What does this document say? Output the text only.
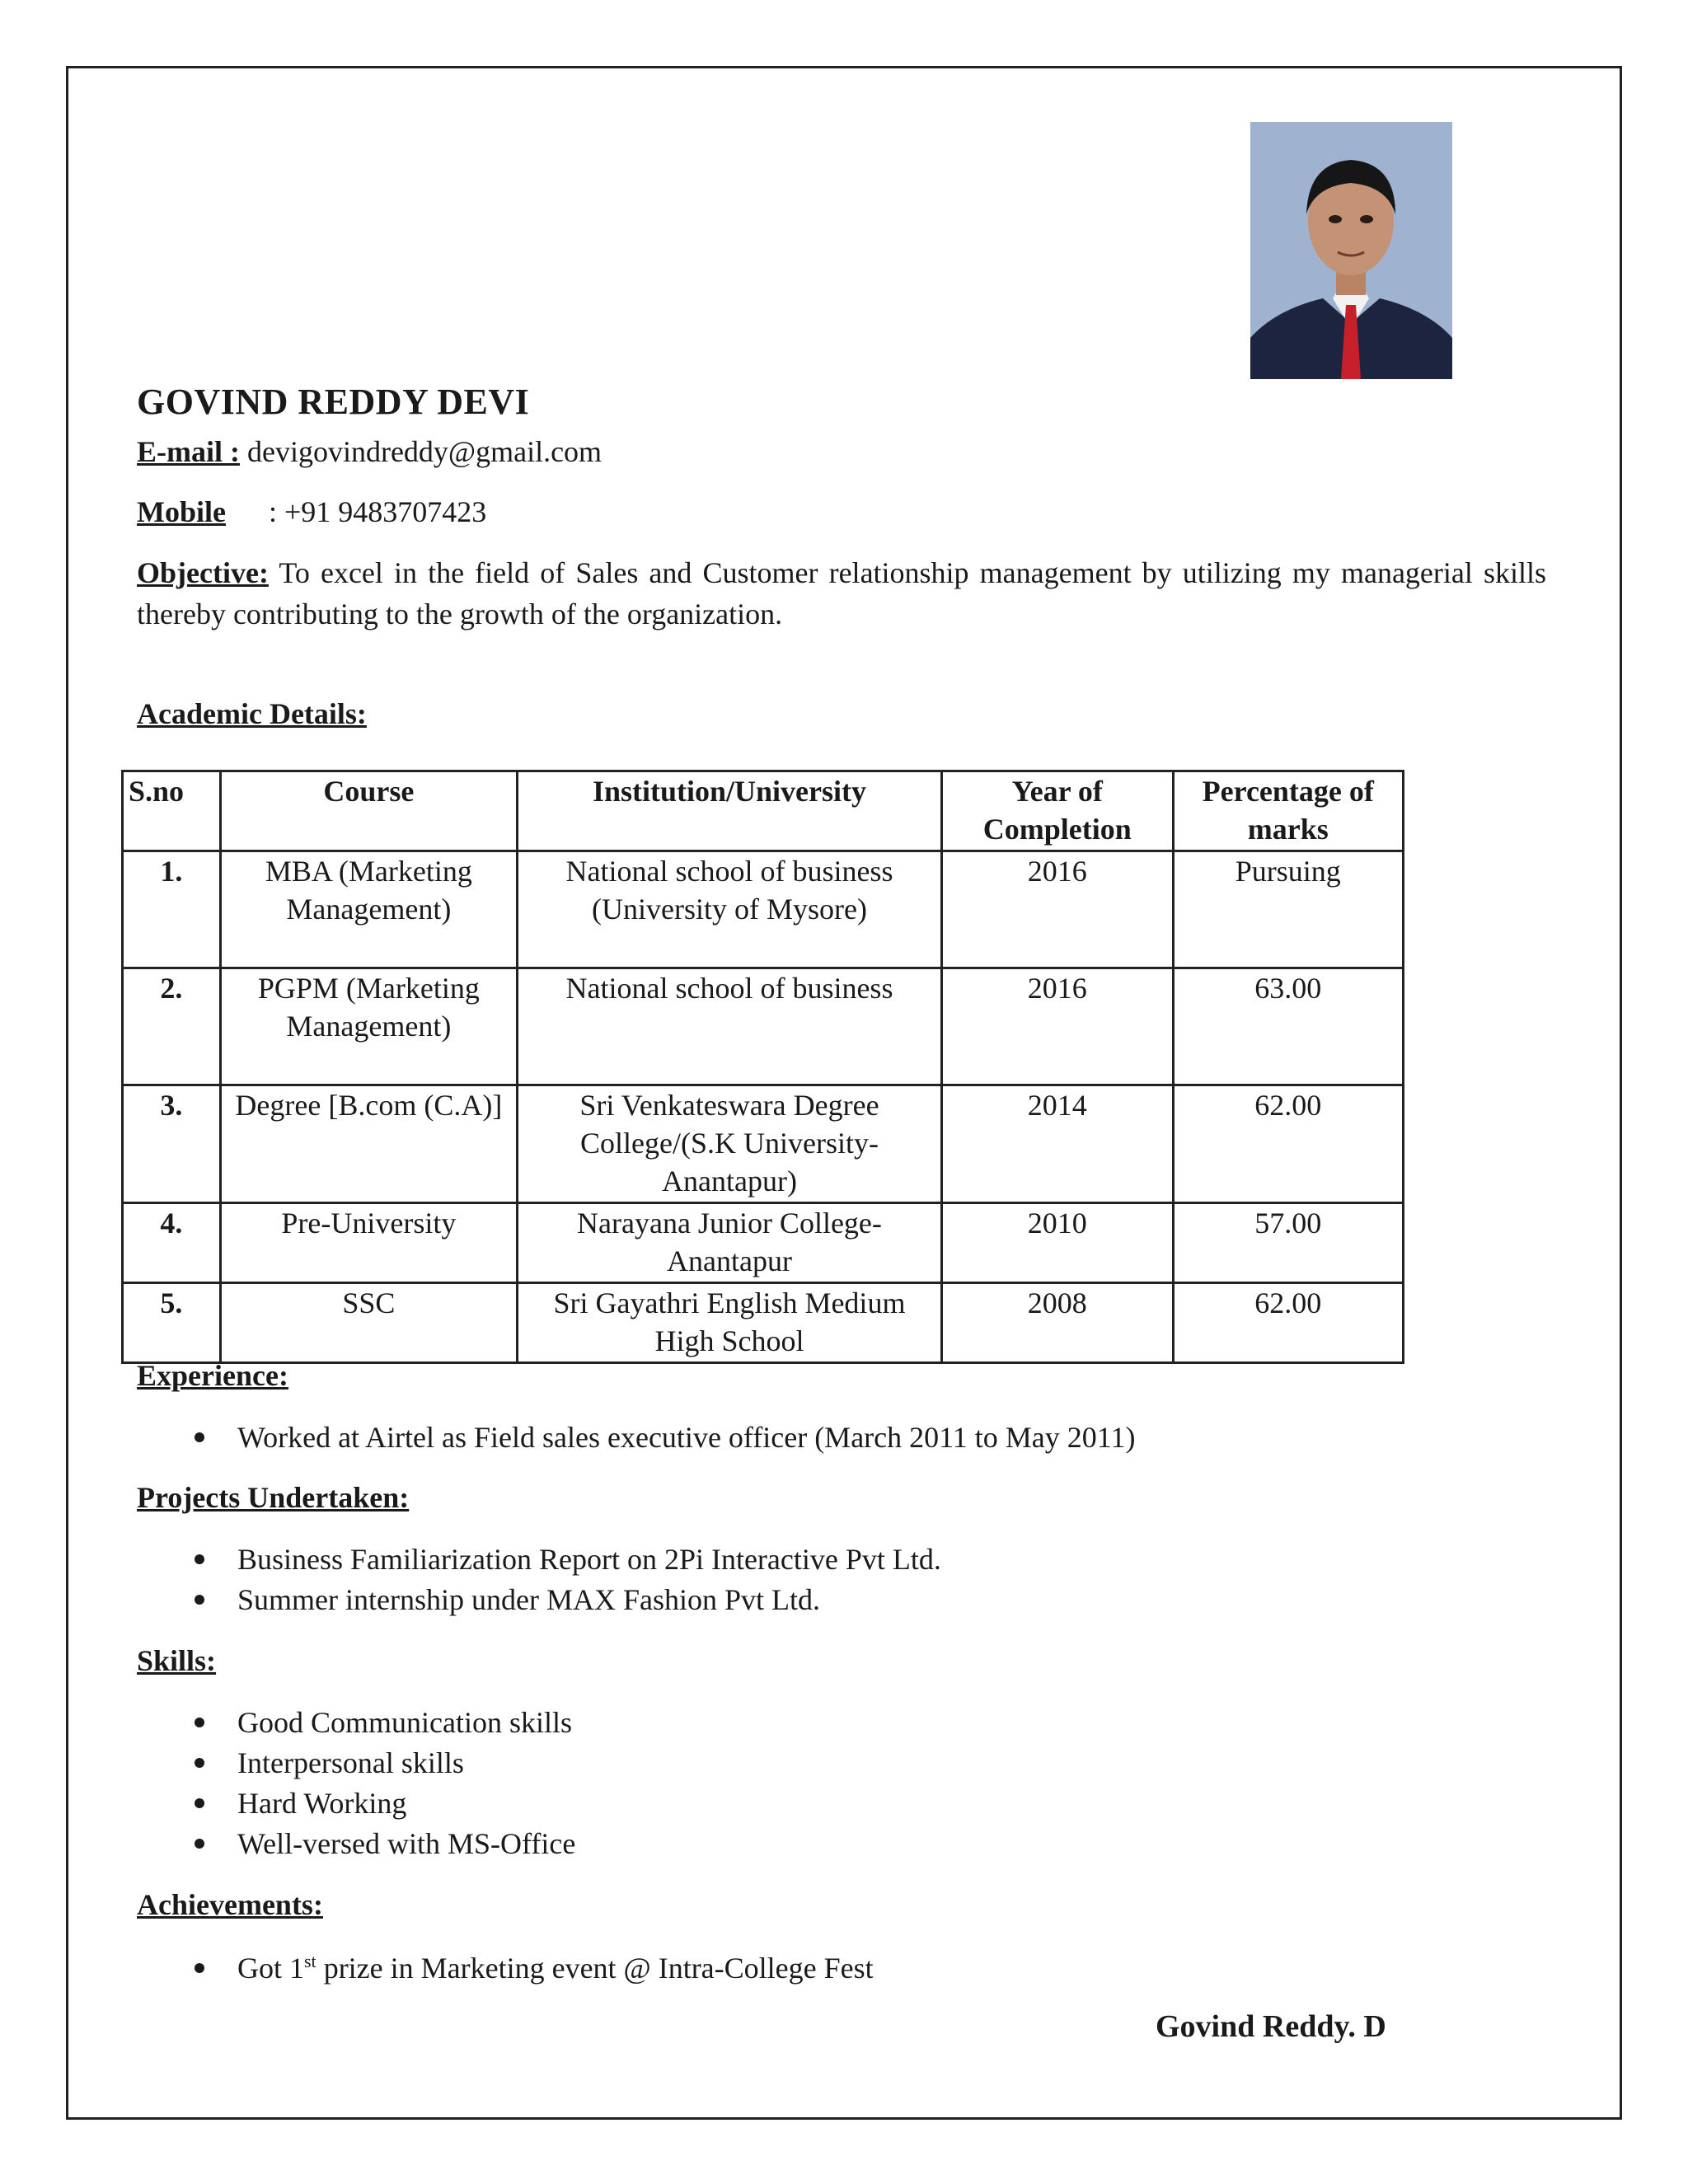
GOVIND REDDY DEVI
E-mail : devigovindreddy@gmail.com
Mobile : +91 9483707423
Objective: To excel in the field of Sales and Customer relationship management by utilizing my managerial skills thereby contributing to the growth of the organization.
Academic Details:
S.no	Course	Institution/University	Year of Completion	Percentage of marks
1.	MBA (Marketing Management)	National school of business (University of Mysore)	2016	Pursuing
2.	PGPM (Marketing Management)	National school of business	2016	63.00
3.	Degree [B.com (C.A)]	Sri Venkateswara Degree College/(S.K University-Anantapur)	2014	62.00
4.	Pre-University	Narayana Junior College-Anantapur	2010	57.00
5.	SSC	Sri Gayathri English Medium High School	2008	62.00
Experience:
Worked at Airtel as Field sales executive officer (March 2011 to May 2011)
Projects Undertaken:
Business Familiarization Report on 2Pi Interactive Pvt Ltd.
Summer internship under MAX Fashion Pvt Ltd.
Skills:
Good Communication skills
Interpersonal skills
Hard Working
Well-versed with MS-Office
Achievements:
Got 1st prize in Marketing event @ Intra-College Fest
Govind Reddy. D
